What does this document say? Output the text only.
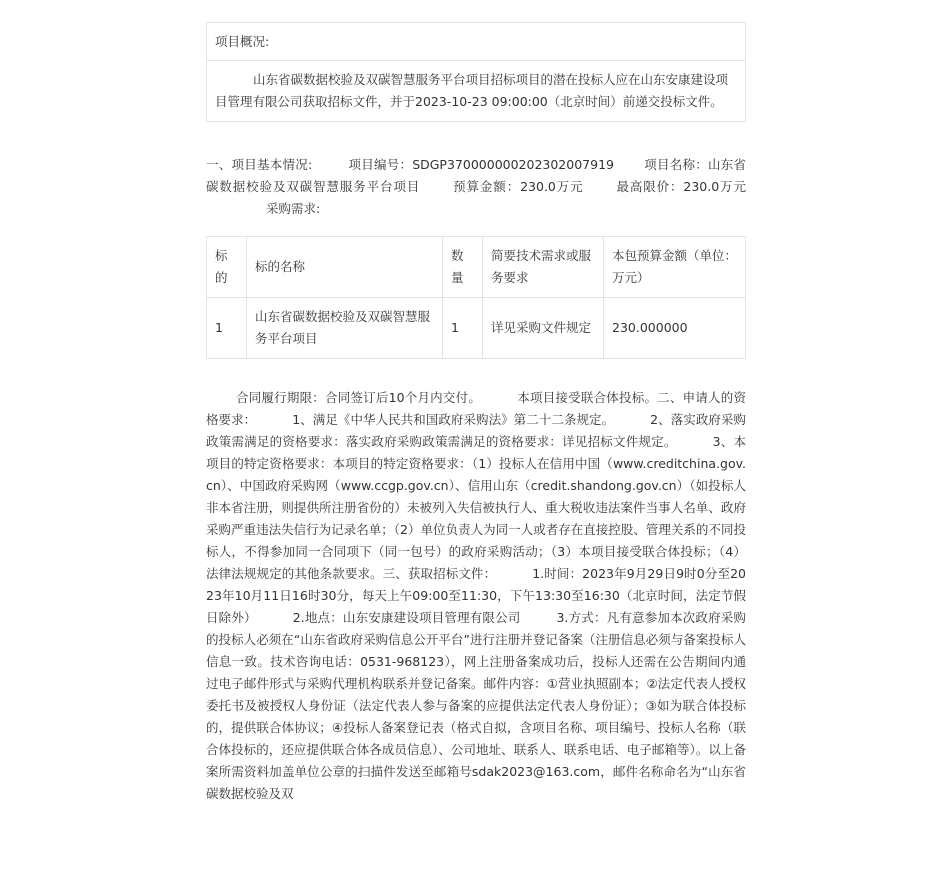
项目概况:
山东省碳数据校验及双碳智慧服务平台项目招标项目的潜在投标人应在山东安康建设项目管理有限公司获取招标文件，并于2023-10-23 09:00:00（北京时间）前递交投标文件。
一、项目基本情况:	项目编号：SDGP370000000202302007919 项目名称：山东省碳数据校验及双碳智慧服务平台项目	预算金额：230.0万元	最高限价：230.0万元采购需求:
标的	标的名称	数量	简要技术需求或服务要求	本包预算金额（单位：万元）
1	山东省碳数据校验及双碳智慧服务平台项目	1	详见采购文件规定	230.000000
合同履行期限：合同签订后10个月内交付。	本项目接受联合体投标。二、申请人的资格要求：	1、满足《中华人民共和国政府采购法》第二十二条规定。	2、落实政府采购政策需满足的资格要求：落实政府采购政策需满足的资格要求：详见招标文件规定。	3、本项目的特定资格要求：本项目的特定资格要求：（1）投标人在信用中国（www.creditchina.gov.cn）、中国政府采购网（www.ccgp.gov.cn）、信用山东（credit.shandong.gov.cn）（如投标人非本省注册，则提供所注册省份的）未被列入失信被执行人、重大税收违法案件当事人名单、政府采购严重违法失信行为记录名单；（2）单位负责人为同一人或者存在直接控股、管理关系的不同投标人，不得参加同一合同项下（同一包号）的政府采购活动；（3）本项目接受联合体投标；（4）法律法规规定的其他条款要求。三、获取招标文件：	1.时间：2023年9月29日9时0分至2023年10月11日16时30分，每天上午09:00至11:30，下午13:30至16:30（北京时间，法定节假日除外）	2.地点：山东安康建设项目管理有限公司	3.方式：凡有意参加本次政府采购的投标人必须在“山东省政府采购信息公开平台”进行注册并登记备案（注册信息必须与备案投标人信息一致。技术咨询电话：0531-968123），网上注册备案成功后，投标人还需在公告期间内通过电子邮件形式与采购代理机构联系并登记备案。邮件内容：①营业执照副本；②法定代表人授权委托书及被授权人身份证（法定代表人参与备案的应提供法定代表人身份证）；③如为联合体投标的，提供联合体协议；④投标人备案登记表（格式自拟，含项目名称、项目编号、投标人名称（联合体投标的，还应提供联合体各成员信息）、公司地址、联系人、联系电话、电子邮箱等）。以上备案所需资料加盖单位公章的扫描件发送至邮箱号sdak2023@163.com，邮件名称命名为“山东省碳数据校验及双
